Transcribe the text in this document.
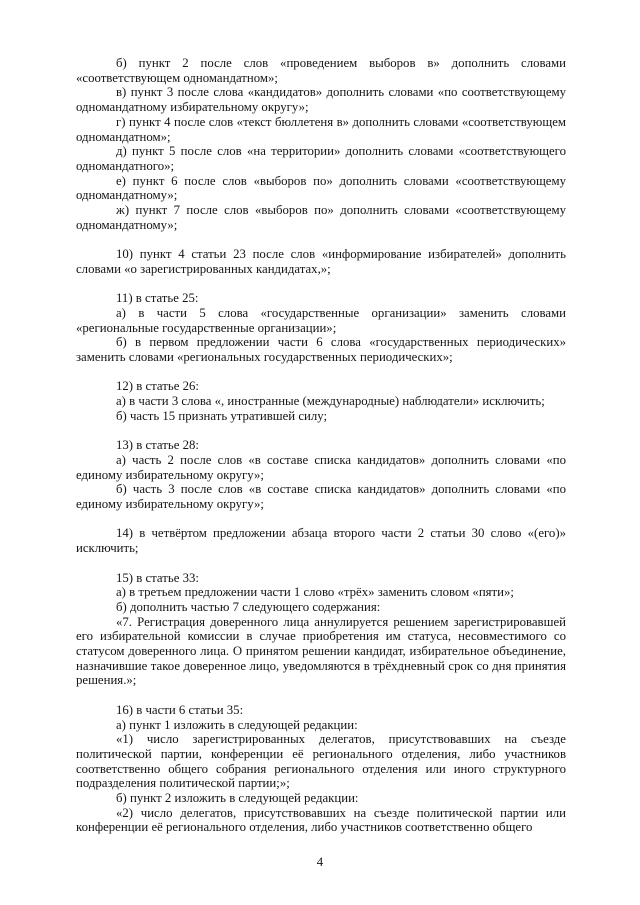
б) пункт 2 после слов «проведением выборов в» дополнить словами «соответствующем одномандатном»;

в) пункт 3 после слова «кандидатов» дополнить словами «по соответствующему одномандатному избирательному округу»;

г) пункт 4 после слов «текст бюллетеня в» дополнить словами «соответствующем одномандатном»;

д) пункт 5 после слов «на территории» дополнить словами «соответствующего одномандатного»;

е) пункт 6 после слов «выборов по» дополнить словами «соответствующему одномандатному»;

ж) пункт 7 после слов «выборов по» дополнить словами «соответствующему одномандатному»;

10) пункт 4 статьи 23 после слов «информирование избирателей» дополнить словами «о зарегистрированных кандидатах,»;

11) в статье 25:

а) в части 5 слова «государственные организации» заменить словами «региональные государственные организации»;

б) в первом предложении части 6 слова «государственных периодических» заменить словами «региональных государственных периодических»;

12) в статье 26:

а) в части 3 слова «, иностранные (международные) наблюдатели» исключить;

б) часть 15 признать утратившей силу;

13) в статье 28:

а) часть 2 после слов «в составе списка кандидатов» дополнить словами «по единому избирательному округу»;

б) часть 3 после слов «в составе списка кандидатов» дополнить словами «по единому избирательному округу»;

14) в четвёртом предложении абзаца второго части 2 статьи 30 слово «(его)» исключить;

15) в статье 33:

а) в третьем предложении части 1 слово «трёх» заменить словом «пяти»;

б) дополнить частью 7 следующего содержания:

«7. Регистрация доверенного лица аннулируется решением зарегистрировавшей его избирательной комиссии в случае приобретения им статуса, несовместимого со статусом доверенного лица. О принятом решении кандидат, избирательное объединение, назначившие такое доверенное лицо, уведомляются в трёхдневный срок со дня принятия решения.»;

16) в части 6 статьи 35:

а) пункт 1 изложить в следующей редакции:

«1) число зарегистрированных делегатов, присутствовавших на съезде политической партии, конференции её регионального отделения, либо участников соответственно общего собрания регионального отделения или иного структурного подразделения политической партии;»;

б) пункт 2 изложить в следующей редакции:

«2) число делегатов, присутствовавших на съезде политической партии или конференции её регионального отделения, либо участников соответственно общего

4
